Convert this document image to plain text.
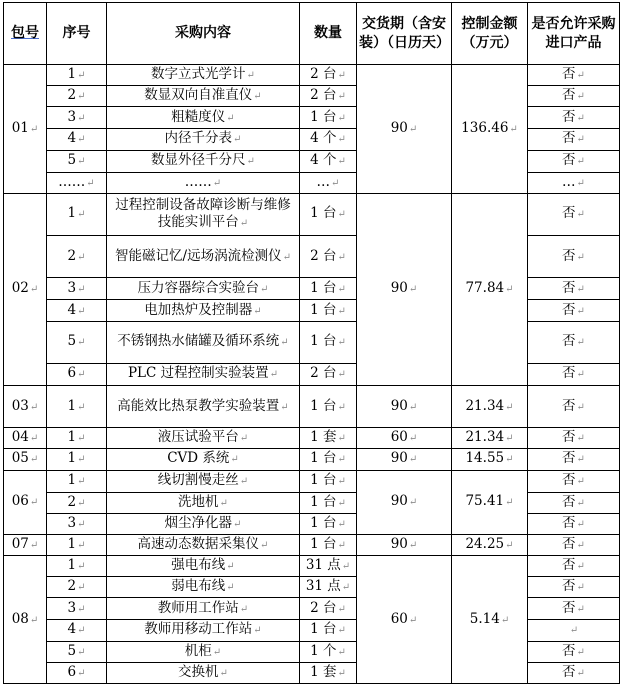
包号	序号	采购内容	数量	交货期（含安装）（日历天）	控制金额（万元）	是否允许采购进口产品
01↵	1↵	数字立式光学计↵	2 台↵	90↵	136.46↵	否↵
	2↵	数显双向自准直仪↵	2 台↵			否↵
	3↵	粗糙度仪↵	1 台↵			否↵
	4↵	内径千分表↵	4 个↵			否↵
	5↵	数显外径千分尺↵	4 个↵			否↵
	……↵	……↵	…↵			…↵
02↵	1↵	过程控制设备故障诊断与维修技能实训平台↵	1 台↵	90↵	77.84↵	否↵
	2↵	智能磁记忆/远场涡流检测仪↵	2 台↵			否↵
	3↵	压力容器综合实验台↵	1 台↵			否↵
	4↵	电加热炉及控制器↵	1 台↵			否↵
	5↵	不锈钢热水储罐及循环系统↵	1 台↵			否↵
	6↵	PLC 过程控制实验装置↵	2 台↵			否↵
03↵	1↵	高能效比热泵教学实验装置↵	1 台↵	90↵	21.34↵	否↵
04↵	1↵	液压试验平台↵	1 套↵	60↵	21.34↵	否↵
05↵	1↵	CVD 系统↵	1 台↵	90↵	14.55↵	否↵
06↵	1↵	线切割慢走丝↵	1 台↵	90↵	75.41↵	否↵
	2↵	洗地机↵	1 台↵			否↵
	3↵	烟尘净化器↵	1 台↵			否↵
07↵	1↵	高速动态数据采集仪↵	1 台↵	90↵	24.25↵	否↵
08↵	1↵	强电布线↵	31 点↵	60↵	5.14↵	否↵
	2↵	弱电布线↵	31 点↵			否↵
	3↵	教师用工作站↵	2 台↵			否↵
	4↵	教师用移动工作站↵	1 台↵			↵
	5↵	机柜↵	1 个↵			否↵
	6↵	交换机↵	1 套↵			否↵
